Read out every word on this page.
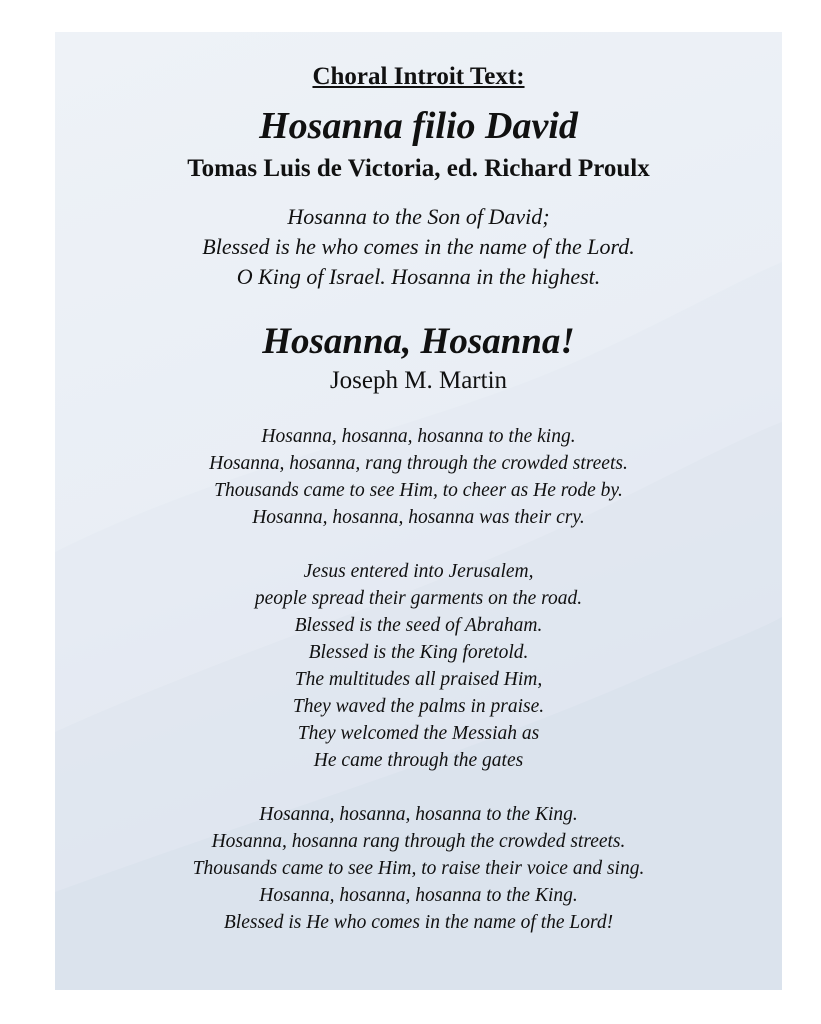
Choral Introit Text:
Hosanna filio David
Tomas Luis de Victoria, ed. Richard Proulx
Hosanna to the Son of David;
Blessed is he who comes in the name of the Lord.
O King of Israel. Hosanna in the highest.
Hosanna, Hosanna!
Joseph M. Martin
Hosanna, hosanna, hosanna to the king.
Hosanna, hosanna, rang through the crowded streets.
Thousands came to see Him, to cheer as He rode by.
Hosanna, hosanna, hosanna was their cry.
Jesus entered into Jerusalem,
people spread their garments on the road.
Blessed is the seed of Abraham.
Blessed is the King foretold.
The multitudes all praised Him,
They waved the palms in praise.
They welcomed the Messiah as
He came through the gates
Hosanna, hosanna, hosanna to the King.
Hosanna, hosanna rang through the crowded streets.
Thousands came to see Him, to raise their voice and sing.
Hosanna, hosanna, hosanna to the King.
Blessed is He who comes in the name of the Lord!
